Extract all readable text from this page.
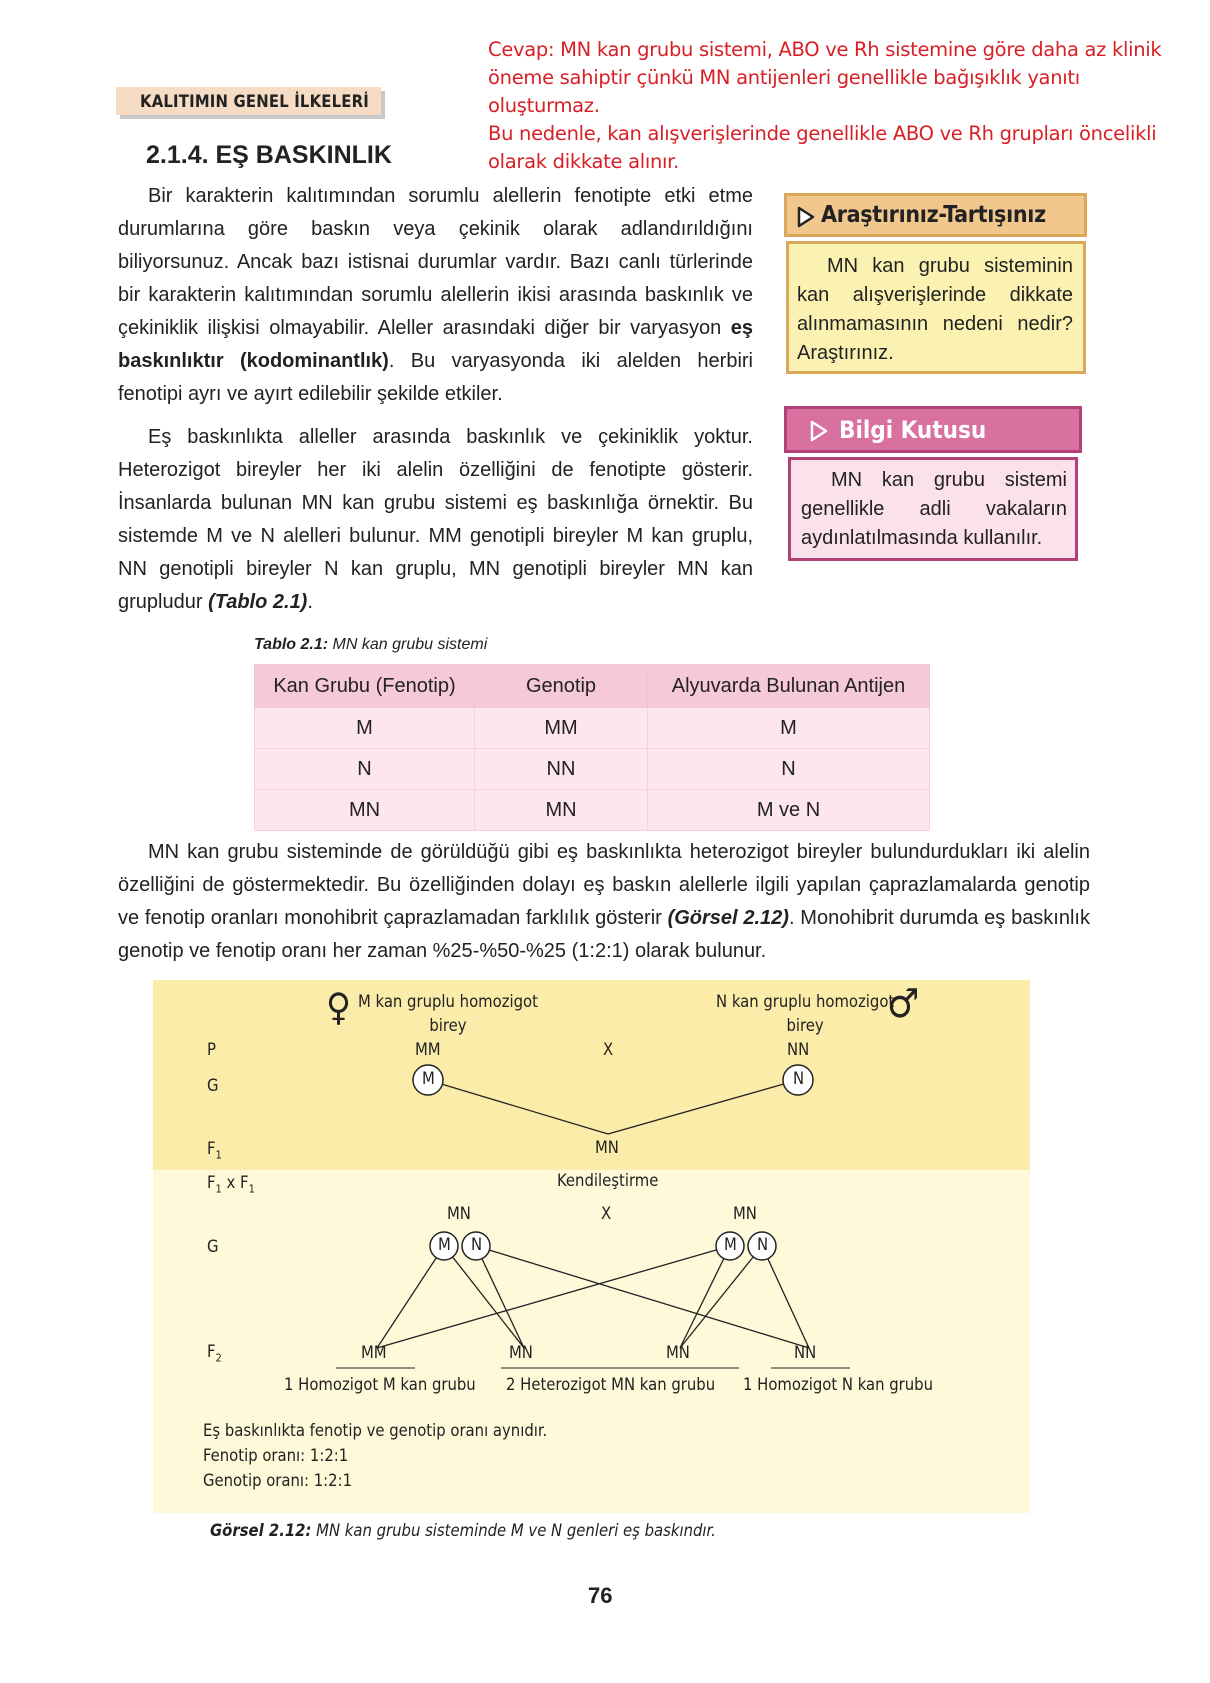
Cevap: MN kan grubu sistemi, ABO ve Rh sistemine göre daha az klinik
öneme sahiptir çünkü MN antijenleri genellikle bağışıklık yanıtı oluşturmaz.
Bu nedenle, kan alışverişlerinde genellikle ABO ve Rh grupları öncelikli
olarak dikkate alınır.
KALITIMIN GENEL İLKELERİ
2.1.4. EŞ BASKINLIK
Bir karakterin kalıtımından sorumlu alellerin fenotipte etki etme durumlarına göre baskın veya çekinik olarak adlandırıldığını biliyorsunuz. Ancak bazı istisnai durumlar vardır. Bazı canlı türlerinde bir karakterin kalıtımından sorumlu alellerin ikisi arasında baskınlık ve çekiniklik ilişkisi olmayabilir. Aleller arasındaki diğer bir varyasyon eş baskınlıktır (kodominantlık). Bu varyasyonda iki alelden herbiri fenotipi ayrı ve ayırt edilebilir şekilde etkiler.
Eş baskınlıkta alleller arasında baskınlık ve çekiniklik yoktur. Heterozigot bireyler her iki alelin özelliğini de fenotipte gösterir. İnsanlarda bulunan MN kan grubu sistemi eş baskınlığa örnektir. Bu sistemde M ve N alelleri bulunur. MM genotipli bireyler M kan gruplu, NN genotipli bireyler N kan gruplu, MN genotipli bireyler MN kan grupludur (Tablo 2.1).
Araştırınız-Tartışınız
MN kan grubu sisteminin kan alışverişlerinde dikkate alınmamasının nedeni nedir? Araştırınız.
Bilgi Kutusu
MN kan grubu sistemi genellikle adli vakaların aydınlatılmasında kullanılır.
Tablo 2.1: MN kan grubu sistemi
Kan Grubu (Fenotip)	Genotip	Alyuvarda Bulunan Antijen
M	MM	M
N	NN	N
MN	MN	M ve N
MN kan grubu sisteminde de görüldüğü gibi eş baskınlıkta heterozigot bireyler bulundurdukları iki alelin özelliğini de göstermektedir. Bu özelliğinden dolayı eş baskın alellerle ilgili yapılan çaprazlamalarda genotip ve fenotip oranları monohibrit çaprazlamadan farklılık gösterir (Görsel 2.12). Monohibrit durumda eş baskınlık genotip ve fenotip oranı her zaman %25-%50-%25 (1:2:1) olarak bulunur.
♀ M kan gruplu homozigot
birey
N kan gruplu homozigot
birey	♂
P
G
$F_1$
$F_1$ x $F_1$
G
$F_2$
MM	X	NN
M	N
MN
Kendileştirme
MN	X	MN
M N	M N
MM	MN	MN	NN
1 Homozigot M kan grubu 2 Heterozigot MN kan grubu 1 Homozigot N kan grubu
Eş baskınlıkta fenotip ve genotip oranı aynıdır.
Fenotip oranı: 1:2:1
Genotip oranı: 1:2:1
Görsel 2.12: MN kan grubu sisteminde M ve N genleri eş baskındır.
76
